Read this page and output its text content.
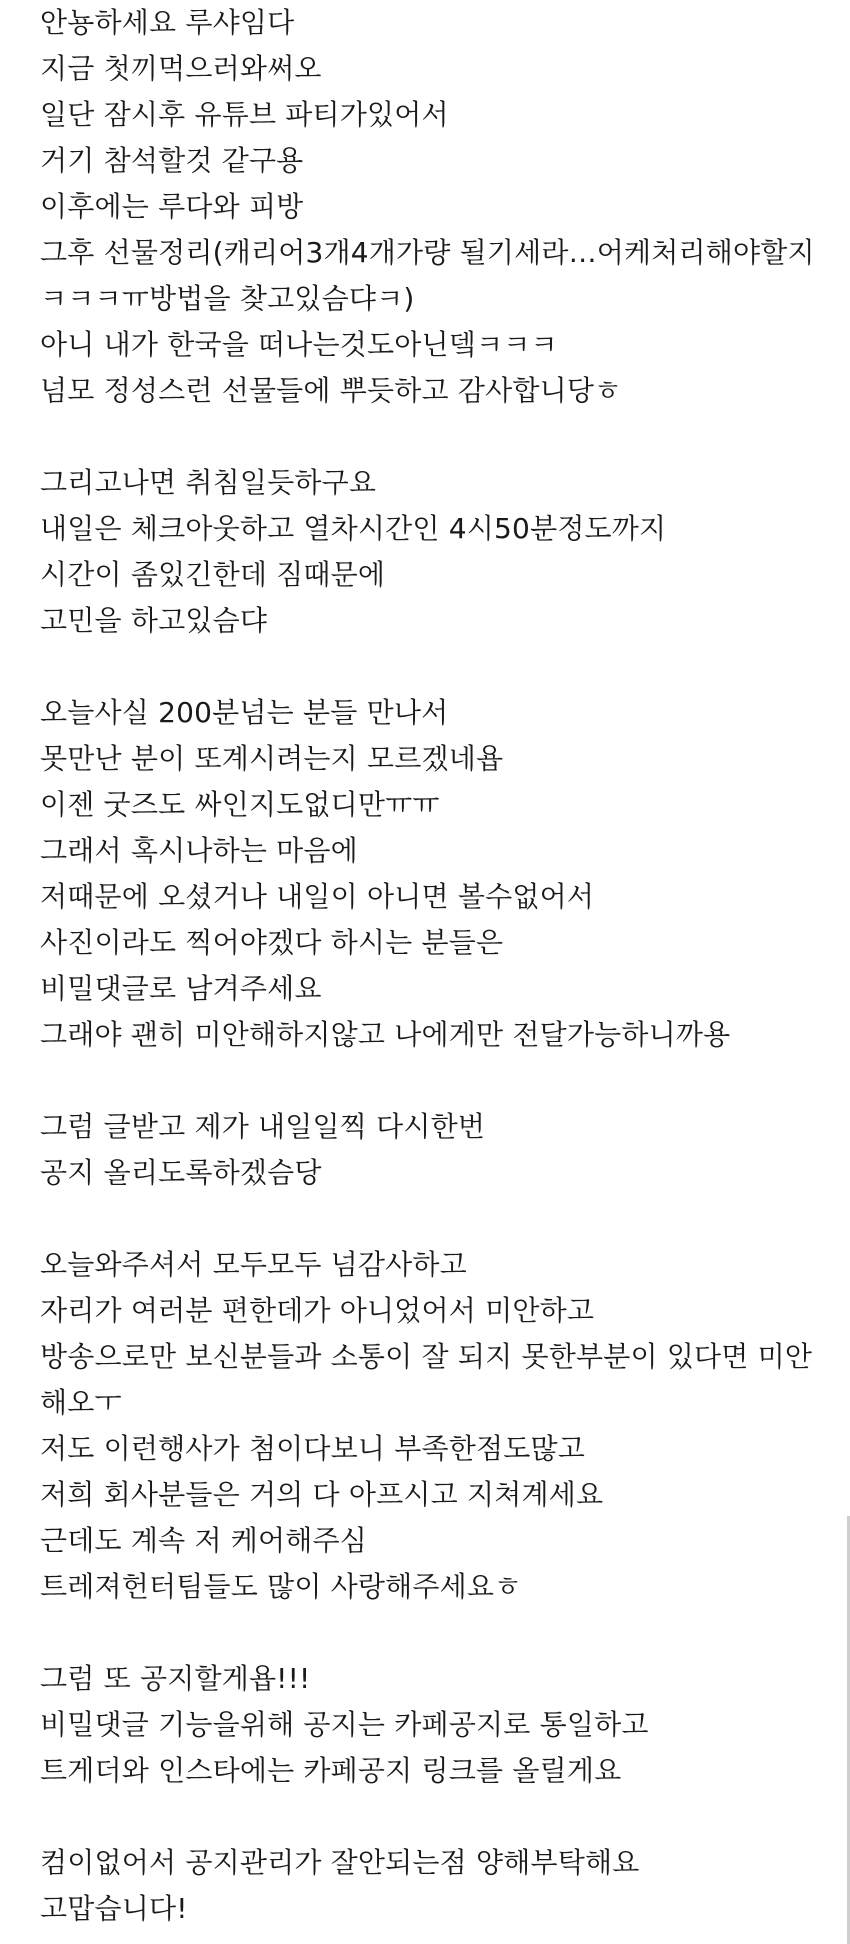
안뇽하세요 루샤임다
지금 첫끼먹으러와써오
일단 잠시후 유튜브 파티가있어서
거기 참석할것 같구용
이후에는 루다와 피방
그후 선물정리(캐리어3개4개가량 될기세라…어케처리해야할지
ㅋㅋㅋㅠ방법을 찾고있슴댜ㅋ)
아니 내가 한국을 떠나는것도아닌뎈ㅋㅋㅋ
넘모 정성스런 선물들에 뿌듯하고 감사합니당ㅎ
그리고나면 취침일듯하구요
내일은 체크아웃하고 열차시간인 4시50분정도까지
시간이 좀있긴한데 짐때문에
고민을 하고있슴댜
오늘사실 200분넘는 분들 만나서
못만난 분이 또계시려는지 모르겠네욥
이젠 굿즈도 싸인지도없디만ㅠㅠ
그래서 혹시나하는 마음에
저때문에 오셨거나 내일이 아니면 볼수없어서
사진이라도 찍어야겠다 하시는 분들은
비밀댓글로 남겨주세요
그래야 괜히 미안해하지않고 나에게만 전달가능하니까용
그럼 글받고 제가 내일일찍 다시한번
공지 올리도록하겠슴당
오늘와주셔서 모두모두 넘감사하고
자리가 여러분 편한데가 아니었어서 미안하고
방송으로만 보신분들과 소통이 잘 되지 못한부분이 있다면 미안
해오ㅜ
저도 이런행사가 첨이다보니 부족한점도많고
저희 회사분들은 거의 다 아프시고 지쳐계세요
근데도 계속 저 케어해주심
트레져헌터팀들도 많이 사랑해주세요ㅎ
그럼 또 공지할게욥!!!
비밀댓글 기능을위해 공지는 카페공지로 통일하고
트게더와 인스타에는 카페공지 링크를 올릴게요
컴이없어서 공지관리가 잘안되는점 양해부탁해요
고맙습니다!
